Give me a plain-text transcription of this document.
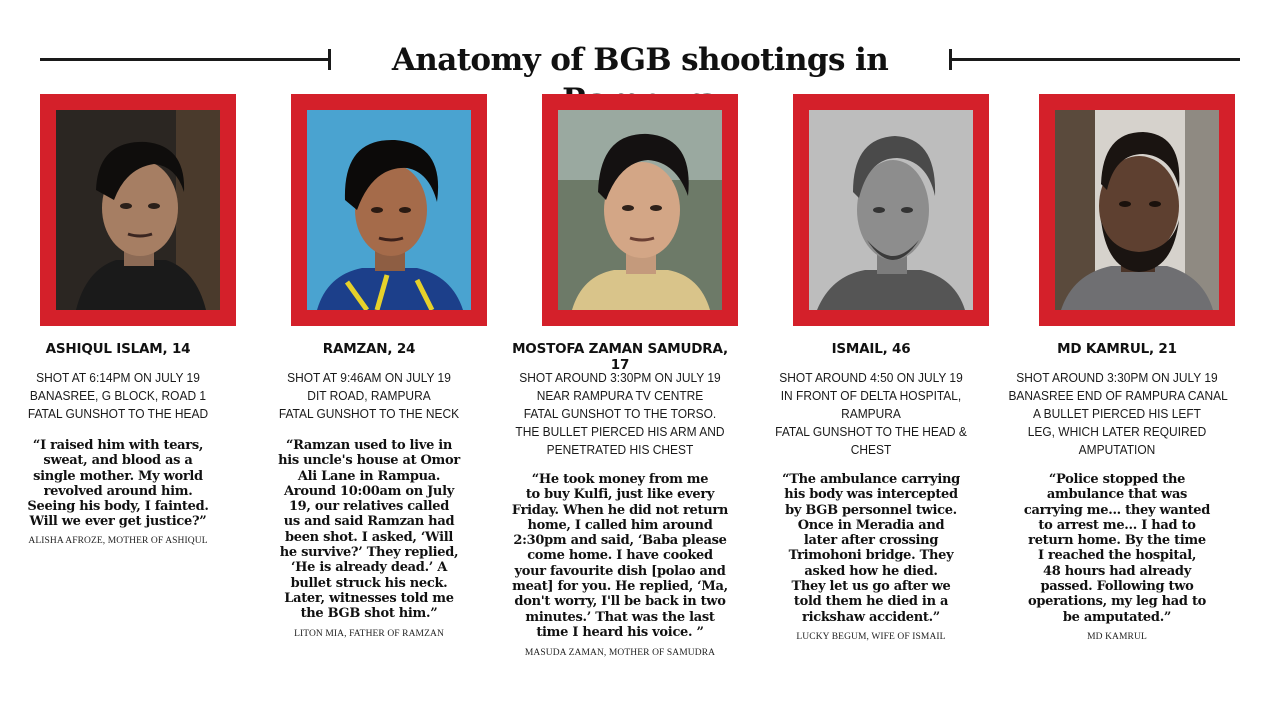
Anatomy of BGB shootings in
ASHIQUL ISLAM, 14
SHOT AT 6:14PM ON JULY 19
BANASREE, G BLOCK, ROAD 1
FATAL GUNSHOT TO THE HEAD
“I raised him with tears,
sweat, and blood as a
single mother. My world
revolved around him.
Seeing his body, I fainted.
Will we ever get justice?”
ALISHA AFROZE, MOTHER OF ASHIQUL
RAMZAN, 24
SHOT AT 9:46AM ON JULY 19
DIT ROAD, RAMPURA
FATAL GUNSHOT TO THE NECK
“Ramzan used to live in
his uncle's house at Omor
Ali Lane in Rampua.
Around 10:00am on July
19, our relatives called
us and said Ramzan had
been shot. I asked, ‘Will
he survive?’ They replied,
‘He is already dead.’ A
bullet struck his neck.
Later, witnesses told me
the BGB shot him.”
LITON MIA, FATHER OF RAMZAN
MOSTOFA ZAMAN SAMUDRA, 17
SHOT AROUND 3:30PM ON JULY 19
NEAR RAMPURA TV CENTRE
FATAL GUNSHOT TO THE TORSO.
THE BULLET PIERCED HIS ARM AND
PENETRATED HIS CHEST
“He took money from me
to buy Kulfi, just like every
Friday. When he did not return
home, I called him around
2:30pm and said, ‘Baba please
come home. I have cooked
your favourite dish [polao and
meat] for you. He replied, ‘Ma,
don't worry, I'll be back in two
minutes.’ That was the last
time I heard his voice. ”
MASUDA ZAMAN, MOTHER OF SAMUDRA
ISMAIL, 46
SHOT AROUND 4:50 ON JULY 19
IN FRONT OF DELTA HOSPITAL,
RAMPURA
FATAL GUNSHOT TO THE HEAD &
CHEST
“The ambulance carrying
his body was intercepted
by BGB personnel twice.
Once in Meradia and
later after crossing
Trimohoni bridge. They
asked how he died.
They let us go after we
told them he died in a
rickshaw accident.”
LUCKY BEGUM, WIFE OF ISMAIL
MD KAMRUL, 21
SHOT AROUND 3:30PM ON JULY 19
BANASREE END OF RAMPURA CANAL
A BULLET PIERCED HIS LEFT
LEG, WHICH LATER REQUIRED
AMPUTATION
“Police stopped the
ambulance that was
carrying me... they wanted
to arrest me... I had to
return home. By the time
I reached the hospital,
48 hours had already
passed. Following two
operations, my leg had to
be amputated.”
MD KAMRUL
